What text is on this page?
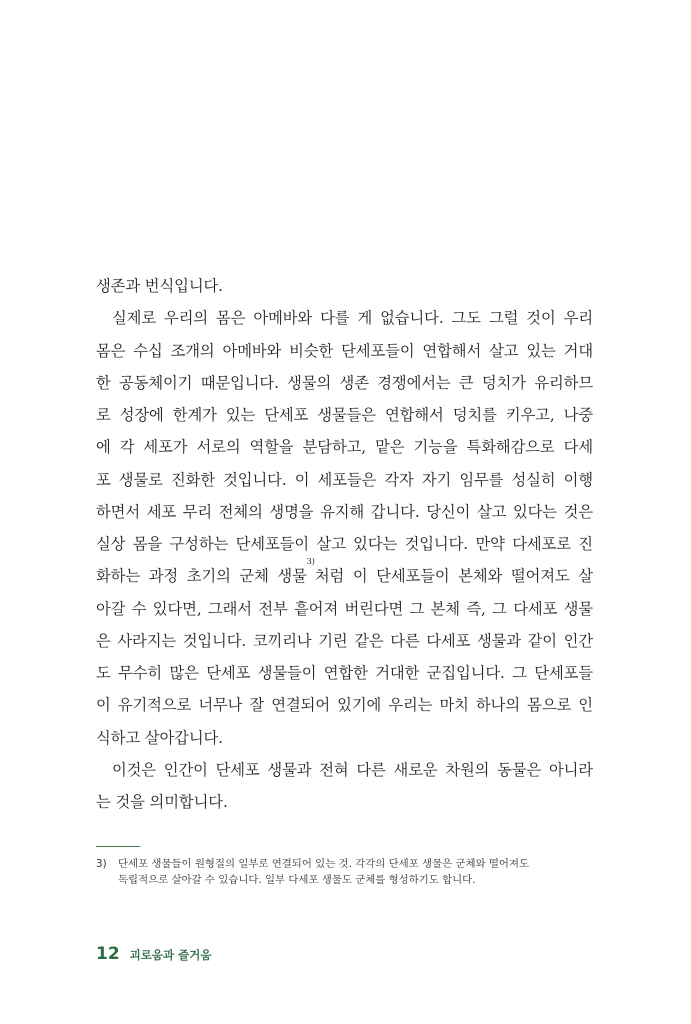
생존과 번식입니다.
실제로 우리의 몸은 아메바와 다를 게 없습니다. 그도 그럴 것이 우리
몸은 수십 조개의 아메바와 비슷한 단세포들이 연합해서 살고 있는 거대
한 공동체이기 때문입니다. 생물의 생존 경쟁에서는 큰 덩치가 유리하므
로 성장에 한계가 있는 단세포 생물들은 연합해서 덩치를 키우고, 나중
에 각 세포가 서로의 역할을 분담하고, 맡은 기능을 특화해감으로 다세
포 생물로 진화한 것입니다. 이 세포들은 각자 자기 임무를 성실히 이행
하면서 세포 무리 전체의 생명을 유지해 갑니다. 당신이 살고 있다는 것은
실상 몸을 구성하는 단세포들이 살고 있다는 것입니다. 만약 다세포로 진
화하는 과정 초기의 군체 생물$^{3)}$처럼 이 단세포들이 본체와 떨어져도 살
아갈 수 있다면, 그래서 전부 흩어져 버린다면 그 본체 즉, 그 다세포 생물
은 사라지는 것입니다. 코끼리나 기린 같은 다른 다세포 생물과 같이 인간
도 무수히 많은 단세포 생물들이 연합한 거대한 군집입니다. 그 단세포들
이 유기적으로 너무나 잘 연결되어 있기에 우리는 마치 하나의 몸으로 인
식하고 살아갑니다.
이것은 인간이 단세포 생물과 전혀 다른 새로운 차원의 동물은 아니라
는 것을 의미합니다.
3)	단세포 생물들이 원형질의 일부로 연결되어 있는 것. 각각의 단세포 생물은 군체와 떨어져도
독립적으로 살아갈 수 있습니다. 일부 다세포 생물도 군체를 형성하기도 합니다.
12 괴로움과 즐거움
